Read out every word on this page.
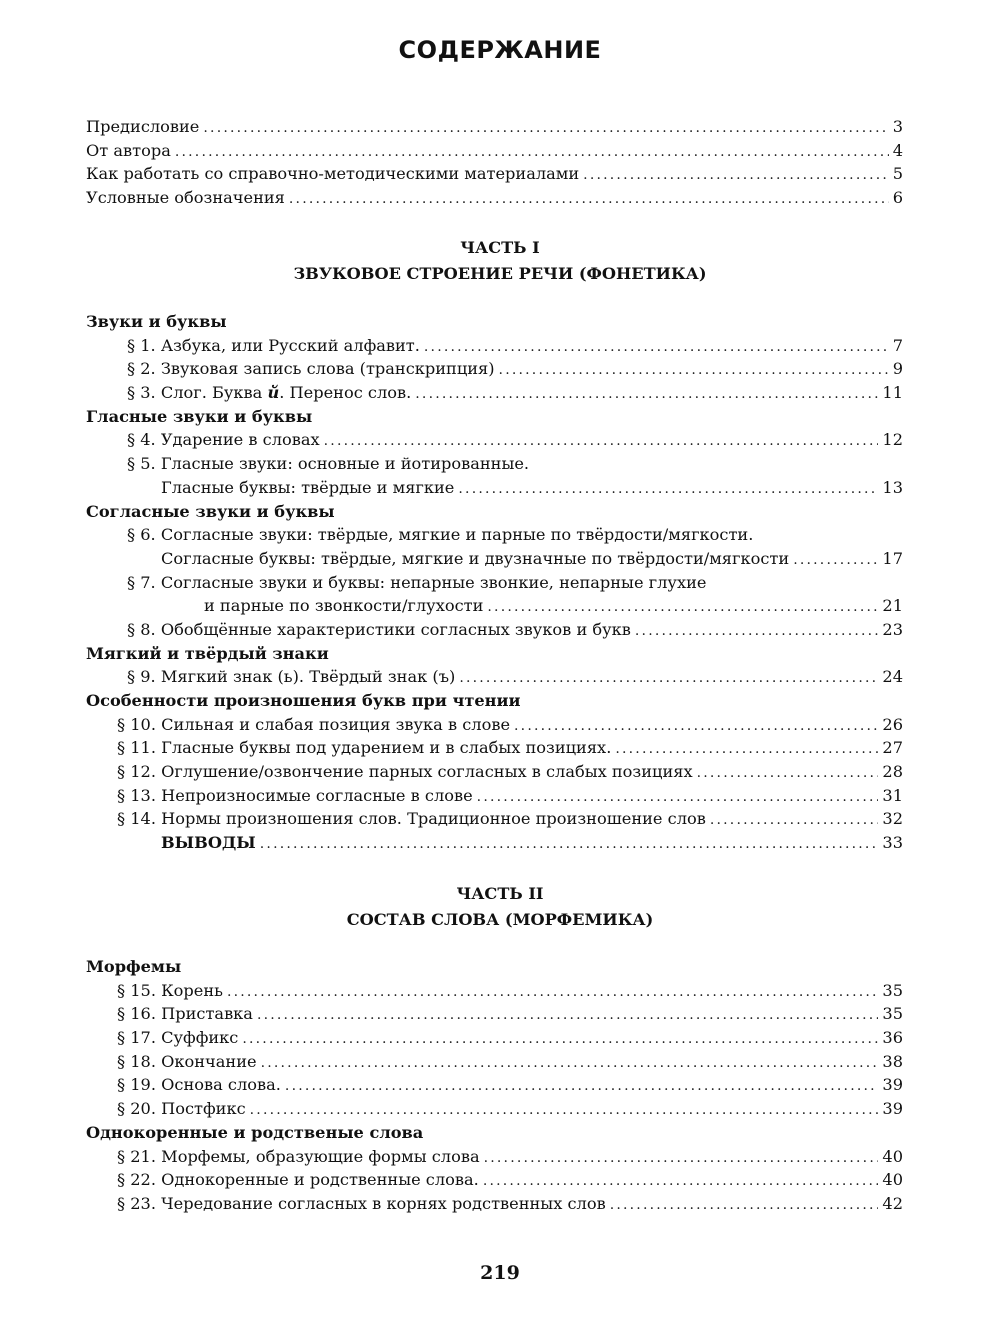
СОДЕРЖАНИЕ
Предисловие .....	3
От автора .....	4
Как работать со справочно-методическими материалами .....	5
Условные обозначения .....	6
ЧАСТЬ I
ЗВУКОВОЕ СТРОЕНИЕ РЕЧИ (ФОНЕТИКА)
Звуки и буквы
§ 1. Азбука, или Русский алфавит. .....	7
§ 2. Звуковая запись слова (транскрипция) .....	9
§ 3. Слог. Буква й. Перенос слов. .....	11
Гласные звуки и буквы
§ 4. Ударение в словах .....	12
§ 5. Гласные звуки: основные и йотированные.
Гласные буквы: твёрдые и мягкие .....	13
Согласные звуки и буквы
§ 6. Согласные звуки: твёрдые, мягкие и парные по твёрдости/мягкости.
Согласные буквы: твёрдые, мягкие и двузначные по твёрдости/мягкости .....	17
§ 7. Согласные звуки и буквы: непарные звонкие, непарные глухие
и парные по звонкости/глухости .....	21
§ 8. Обобщённые характеристики согласных звуков и букв .....	23
Мягкий и твёрдый знаки
§ 9. Мягкий знак (ь). Твёрдый знак (ъ) .....	24
Особенности произношения букв при чтении
§ 10. Сильная и слабая позиция звука в слове .....	26
§ 11. Гласные буквы под ударением и в слабых позициях. .....	27
§ 12. Оглушение/озвончение парных согласных в слабых позициях .....	28
§ 13. Непроизносимые согласные в слове .....	31
§ 14. Нормы произношения слов. Традиционное произношение слов .....	32
ВЫВОДЫ .....	33
ЧАСТЬ II
СОСТАВ СЛОВА (МОРФЕМИКА)
Морфемы
§ 15. Корень .....	35
§ 16. Приставка .....	35
§ 17. Суффикс .....	36
§ 18. Окончание .....	38
§ 19. Основа слова. .....	39
§ 20. Постфикс .....	39
Однокоренные и родственые слова
§ 21. Морфемы, образующие формы слова .....	40
§ 22. Однокоренные и родственные слова. .....	40
§ 23. Чередование согласных в корнях родственных слов .....	42
219
